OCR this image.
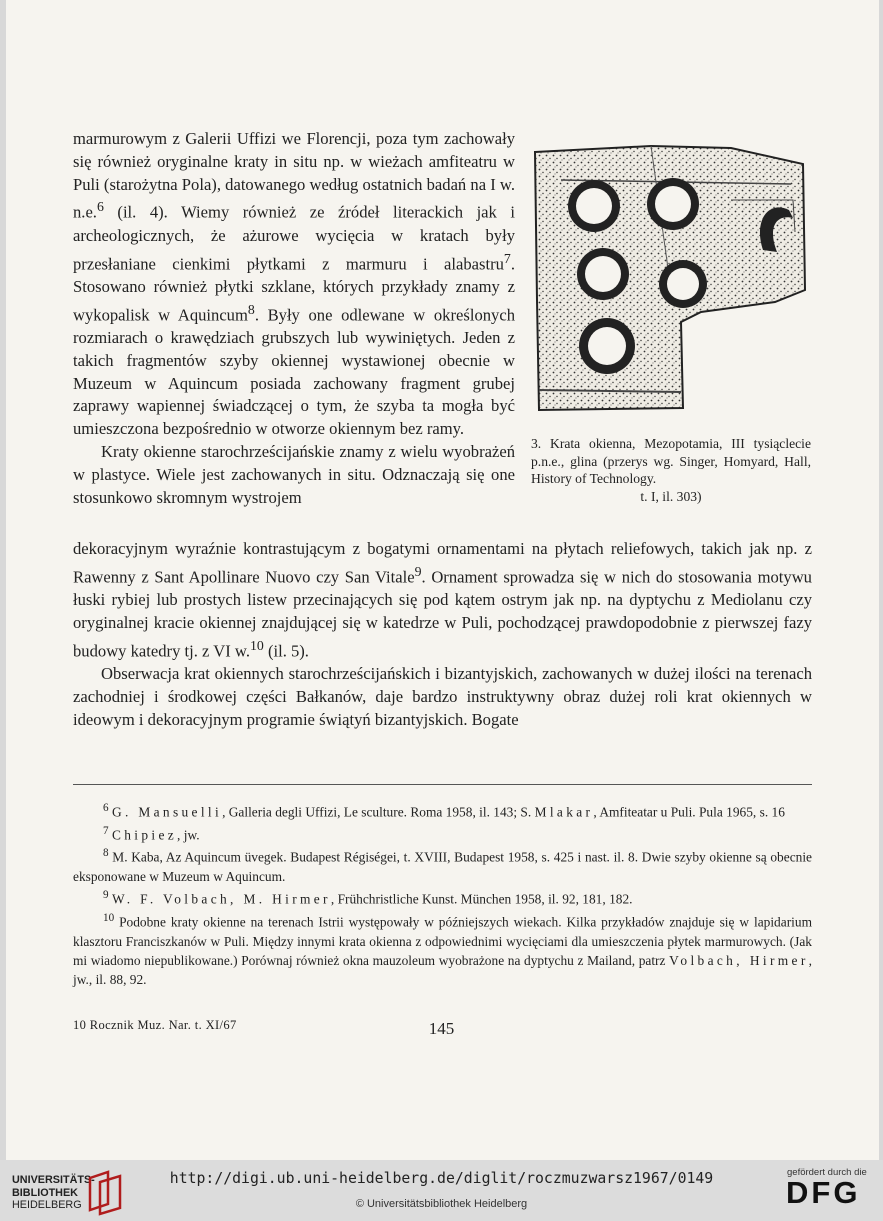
marmurowym z Galerii Uffizi we Florencji, poza tym zachowały się również oryginalne kraty in situ np. w wieżach amfiteatru w Puli (starożytna Pola), datowanego według ostatnich badań na I w. n.e.$^6$ (il. 4). Wiemy również ze źródeł literackich jak i archeologicznych, że ażurowe wycięcia w kratach były przesłaniane cienkimi płytkami z marmuru i alabastru$^7$. Stosowano również płytki szklane, których przykłady znamy z wykopalisk w Aquincum$^8$. Były one odlewane w określonych rozmiarach o krawędziach grubszych lub wywiniętych. Jeden z takich fragmentów szyby okiennej wystawionej obecnie w Muzeum w Aquincum posiada zachowany fragment grubej zaprawy wapiennej świadczącej o tym, że szyba ta mogła być umieszczona bezpośrednio w otworze okiennym bez ramy.

Kraty okienne starochrześcijańskie znamy z wielu wyobrażeń w plastyce. Wiele jest zachowanych in situ. Odznaczają się one stosunkowo skromnym wystrojem

3. Krata okienna, Mezopotamia, III tysiąclecie p.n.e., glina (przerys wg. Singer, Homyard, Hall, History of Technology.
t. I, il. 303)

dekoracyjnym wyraźnie kontrastującym z bogatymi ornamentami na płytach reliefowych, takich jak np. z Rawenny z Sant Apollinare Nuovo czy San Vitale$^9$. Ornament sprowadza się w nich do stosowania motywu łuski rybiej lub prostych listew przecinających się pod kątem ostrym jak np. na dyptychu z Mediolanu czy oryginalnej kracie okiennej znajdującej się w katedrze w Puli, pochodzącej prawdopodobnie z pierwszej fazy budowy katedry tj. z VI w.$^{10}$ (il. 5).

Obserwacja krat okiennych starochrześcijańskich i bizantyjskich, zachowanych w dużej ilości na terenach zachodniej i środkowej części Bałkanów, daje bardzo instruktywny obraz dużej roli krat okiennych w ideowym i dekoracyjnym programie świątyń bizantyjskich. Bogate

$^6$ G. Mansuelli, Galleria degli Uffizi, Le sculture. Roma 1958, il. 143; S. Mlakar, Amfiteatar u Puli. Pula 1965, s. 16

$^7$ Chipiez, jw.

$^8$ M. Kaba, Az Aquincum üvegek. Budapest Régiségei, t. XVIII, Budapest 1958, s. 425 i nast. il. 8. Dwie szyby okienne są obecnie eksponowane w Muzeum w Aquincum.

$^9$ W. F. Volbach, M. Hirmer, Frühchristliche Kunst. München 1958, il. 92, 181, 182.

$^{10}$ Podobne kraty okienne na terenach Istrii występowały w późniejszych wiekach. Kilka przykładów znajduje się w lapidarium klasztoru Franciszkanów w Puli. Między innymi krata okienna z odpowiednimi wycięciami dla umieszczenia płytek marmurowych. (Jak mi wiadomo niepublikowane.) Porównaj również okna mauzoleum wyobrażone na dyptychu z Mailand, patrz Volbach, Hirmer, jw., il. 88, 92.

10 Rocznik Muz. Nar. t. XI/67	145
UNIVERSITÄTS-
BIBLIOTHEK
HEIDELBERG
http://digi.ub.uni-heidelberg.de/diglit/roczmuzwarsz1967/0149
© Universitätsbibliothek Heidelberg
gefördert durch die
DFG
